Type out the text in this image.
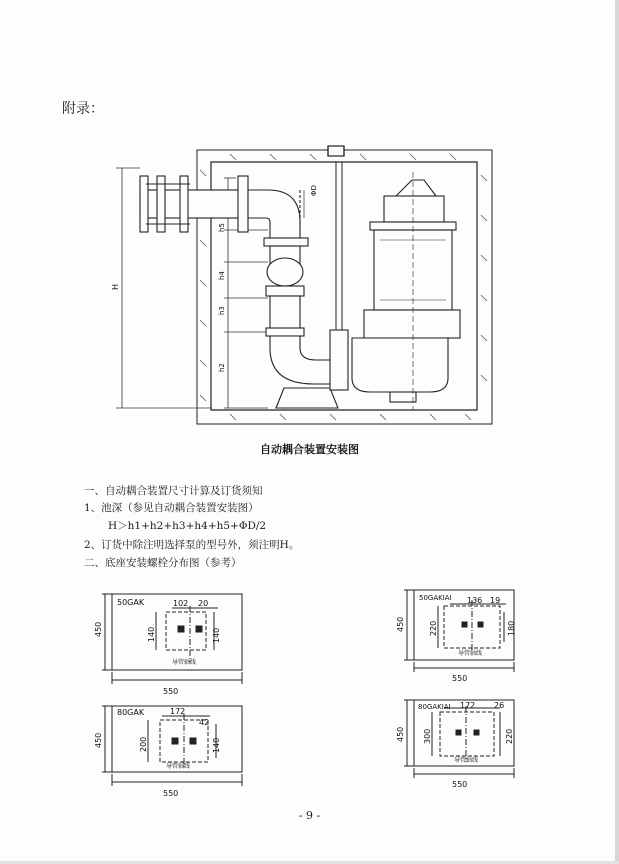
附录：
H
h5
h4
h3
h2
ΦD
50GAK	102 20
450	140	140
导管轴线
550
50GAKIAI 136 19
450	220	180
导管轴线
550
80GAK	172
42
450	200	140
导管轴线
550
80GAKIAI 172 26
450 300	220
导管轴线
550
自动耦合装置安装图
一、自动耦合装置尺寸计算及订货须知
1、池深（参见自动耦合装置安装图）
H＞h1+h2+h3+h4+h5+ΦD/2
2、订货中除注明选择泵的型号外，须注明H。
二、底座安装螺栓分布图（参考）
- 9 -
